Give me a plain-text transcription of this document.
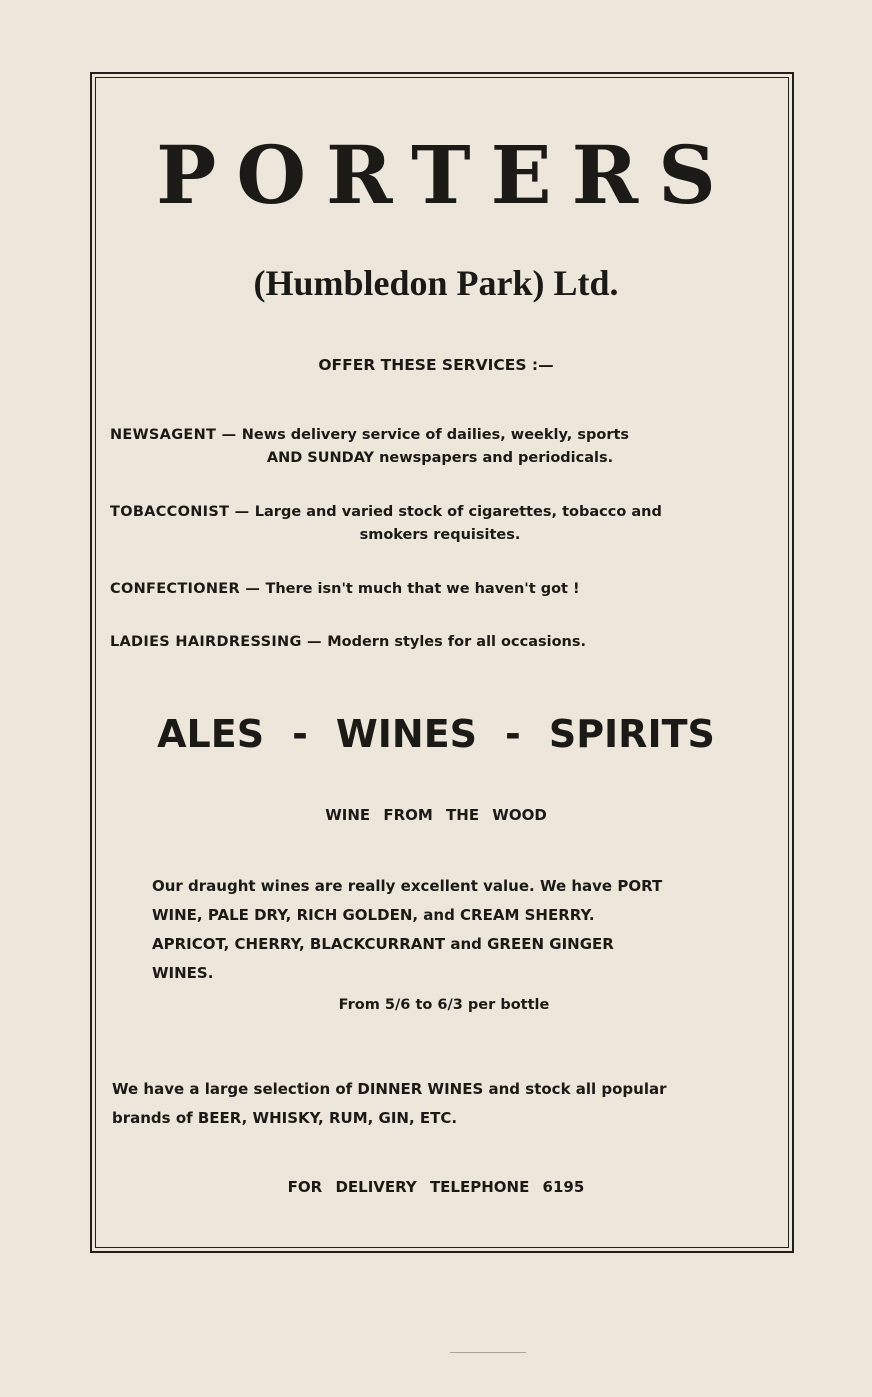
PORTERS
(Humbledon Park) Ltd.
OFFER THESE SERVICES :—
NEWSAGENT — News delivery service of dailies, weekly, sports
AND SUNDAY newspapers and periodicals.
TOBACCONIST — Large and varied stock of cigarettes, tobacco and
smokers requisites.
CONFECTIONER — There isn't much that we haven't got !
LADIES HAIRDRESSING — Modern styles for all occasions.
ALES - WINES - SPIRITS
WINE FROM THE WOOD
Our draught wines are really excellent value. We have PORT
WINE, PALE DRY, RICH GOLDEN, and CREAM SHERRY.
APRICOT, CHERRY, BLACKCURRANT and GREEN GINGER
WINES.
From 5/6 to 6/3 per bottle
We have a large selection of DINNER WINES and stock all popular
brands of BEER, WHISKY, RUM, GIN, ETC.
FOR DELIVERY TELEPHONE 6195
